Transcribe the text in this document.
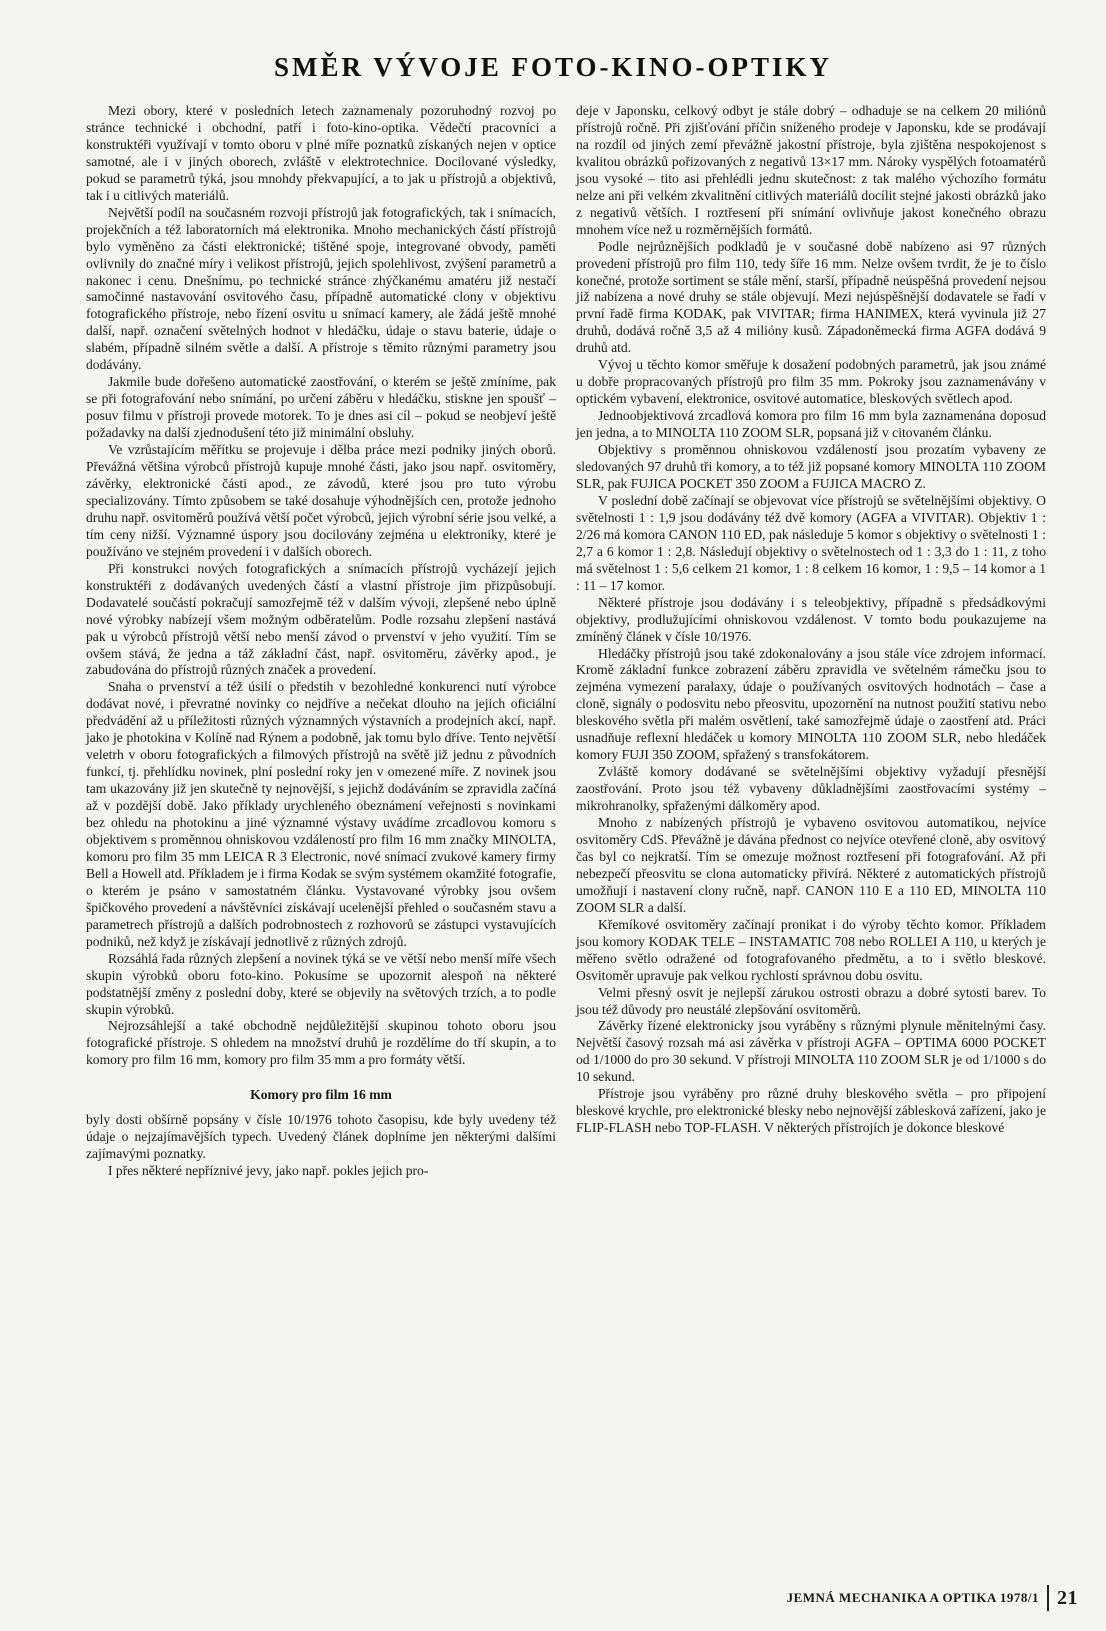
SMĚR VÝVOJE FOTO-KINO-OPTIKY

Mezi obory, které v posledních letech zaznamenaly pozoruhodný rozvoj po stránce technické i obchodní, patří i foto-kino-optika. Vědečtí pracovníci a konstruktéři využívají v tomto oboru v plné míře poznatků získaných nejen v optice samotné, ale i v jiných oborech, zvláště v elektrotechnice. Docilované výsledky, pokud se parametrů týká, jsou mnohdy překvapující, a to jak u přístrojů a objektivů, tak i u citlivých materiálů.

Největší podíl na současném rozvoji přístrojů jak fotografických, tak i snímacích, projekčních a též laboratorních má elektronika. Mnoho mechanických částí přístrojů bylo vyměněno za části elektronické; tištěné spoje, integrované obvody, paměti ovlivnily do značné míry i velikost přístrojů, jejich spolehlivost, zvýšení parametrů a nakonec i cenu. Dnešnímu, po technické stránce zhýčkanému amatéru již nestačí samočinné nastavování osvitového času, případně automatické clony v objektivu fotografického přístroje, nebo řízení osvitu u snímací kamery, ale žádá ještě mnohé další, např. označení světelných hodnot v hledáčku, údaje o stavu baterie, údaje o slabém, případně silném světle a další. A přístroje s těmito různými parametry jsou dodávány.

Jakmile bude dořešeno automatické zaostřování, o kterém se ještě zmíníme, pak se při fotografování nebo snímání, po určení záběru v hledáčku, stiskne jen spoušť – posuv filmu v přístroji provede motorek. To je dnes asi cíl – pokud se neobjeví ještě požadavky na další zjednodušení této již minimální obsluhy.

Ve vzrůstajícím měřítku se projevuje i dělba práce mezi podniky jiných oborů. Převážná většina výrobců přístrojů kupuje mnohé části, jako jsou např. osvitoměry, závěrky, elektronické části apod., ze závodů, které jsou pro tuto výrobu specializovány. Tímto způsobem se také dosahuje výhodnějších cen, protože jednoho druhu např. osvitoměrů používá větší počet výrobců, jejich výrobní série jsou velké, a tím ceny nižší. Významné úspory jsou docilovány zejména u elektroniky, které je používáno ve stejném provedení i v dalších oborech.

Při konstrukci nových fotografických a snímacích přístrojů vycházejí jejich konstruktéři z dodávaných uvedených částí a vlastní přístroje jim přizpůsobují. Dodavatelé součástí pokračují samozřejmě též v dalším vývoji, zlepšené nebo úplně nové výrobky nabízejí všem možným odběratelům. Podle rozsahu zlepšení nastává pak u výrobců přístrojů větší nebo menší závod o prvenství v jeho využití. Tím se ovšem stává, že jedna a táž základní část, např. osvitoměru, závěrky apod., je zabudována do přístrojů různých značek a provedení.

Snaha o prvenství a též úsilí o předstih v bezohledné konkurenci nutí výrobce dodávat nové, i převratné novinky co nejdříve a nečekat dlouho na jejich oficiální předvádění až u příležitosti různých významných výstavních a prodejních akcí, např. jako je photokina v Kolíně nad Rýnem a podobně, jak tomu bylo dříve. Tento největší veletrh v oboru fotografických a filmových přístrojů na světě již jednu z původních funkcí, tj. přehlídku novinek, plní poslední roky jen v omezené míře. Z novinek jsou tam ukazovány již jen skutečně ty nejnovější, s jejichž dodáváním se zpravidla začíná až v pozdější době. Jako příklady urychleného obeznámení veřejnosti s novinkami bez ohledu na photokinu a jiné významné výstavy uvádíme zrcadlovou komoru s objektivem s proměnnou ohniskovou vzdáleností pro film 16 mm značky MINOLTA, komoru pro film 35 mm LEICA R 3 Electronic, nové snímací zvukové kamery firmy Bell a Howell atd. Příkladem je i firma Kodak se svým systémem okamžité fotografie, o kterém je psáno v samostatném článku. Vystavované výrobky jsou ovšem špičkového provedení a návštěvníci získávají ucelenější přehled o současném stavu a parametrech přístrojů a dalších podrobnostech z rozhovorů se zástupci vystavujících podniků, než když je získávají jednotlivě z různých zdrojů.

Rozsáhlá řada různých zlepšení a novinek týká se ve větší nebo menší míře všech skupin výrobků oboru foto-kino. Pokusíme se upozornit alespoň na některé podstatnější změny z poslední doby, které se objevily na světových trzích, a to podle skupin výrobků.

Nejrozsáhlejší a také obchodně nejdůležitější skupinou tohoto oboru jsou fotografické přístroje. S ohledem na množství druhů je rozdělíme do tří skupin, a to komory pro film 16 mm, komory pro film 35 mm a pro formáty větší.

Komory pro film 16 mm

byly dosti obšírně popsány v čísle 10/1976 tohoto časopisu, kde byly uvedeny též údaje o nejzajímavějších typech. Uvedený článek doplníme jen některými dalšími zajímavými poznatky.

I přes některé nepříznivé jevy, jako např. pokles jejich pro-

deje v Japonsku, celkový odbyt je stále dobrý – odhaduje se na celkem 20 miliónů přístrojů ročně. Při zjišťování příčin sníženého prodeje v Japonsku, kde se prodávají na rozdíl od jiných zemí převážně jakostní přístroje, byla zjištěna nespokojenost s kvalitou obrázků pořizovaných z negativů 13×17 mm. Nároky vyspělých fotoamatérů jsou vysoké – tito asi přehlédli jednu skutečnost: z tak malého výchozího formátu nelze ani při velkém zkvalitnění citlivých materiálů docílit stejné jakosti obrázků jako z negativů větších. I roztřesení při snímání ovlivňuje jakost konečného obrazu mnohem více než u rozměrnějších formátů.

Podle nejrůznějších podkladů je v současné době nabízeno asi 97 různých provedení přístrojů pro film 110, tedy šíře 16 mm. Nelze ovšem tvrdit, že je to číslo konečné, protože sortiment se stále mění, starší, případně neúspěšná provedení nejsou již nabízena a nové druhy se stále objevují. Mezi nejúspěšnější dodavatele se řadí v první řadě firma KODAK, pak VIVITAR; firma HANIMEX, která vyvinula již 27 druhů, dodává ročně 3,5 až 4 milióny kusů. Západoněmecká firma AGFA dodává 9 druhů atd.

Vývoj u těchto komor směřuje k dosažení podobných parametrů, jak jsou známé u dobře propracovaných přístrojů pro film 35 mm. Pokroky jsou zaznamenávány v optickém vybavení, elektronice, osvitové automatice, bleskových světlech apod.

Jednoobjektivová zrcadlová komora pro film 16 mm byla zaznamenána doposud jen jedna, a to MINOLTA 110 ZOOM SLR, popsaná již v citovaném článku.

Objektivy s proměnnou ohniskovou vzdáleností jsou prozatím vybaveny ze sledovaných 97 druhů tři komory, a to též již popsané komory MINOLTA 110 ZOOM SLR, pak FUJICA POCKET 350 ZOOM a FUJICA MACRO Z.

V poslední době začínají se objevovat více přístrojů se světelnějšími objektivy. O světelnosti 1 : 1,9 jsou dodávány též dvě komory (AGFA a VIVITAR). Objektiv 1 : 2/26 má komora CANON 110 ED, pak následuje 5 komor s objektivy o světelnosti 1 : 2,7 a 6 komor 1 : 2,8. Následují objektivy o světelnostech od 1 : 3,3 do 1 : 11, z toho má světelnost 1 : 5,6 celkem 21 komor, 1 : 8 celkem 16 komor, 1 : 9,5 – 14 komor a 1 : 11 – 17 komor.

Některé přístroje jsou dodávány i s teleobjektivy, případně s předsádkovými objektivy, prodlužujícími ohniskovou vzdálenost. V tomto bodu poukazujeme na zmíněný článek v čísle 10/1976.

Hledáčky přístrojů jsou také zdokonalovány a jsou stále více zdrojem informací. Kromě základní funkce zobrazení záběru zpravidla ve světelném rámečku jsou to zejména vymezení paralaxy, údaje o používaných osvitových hodnotách – čase a cloně, signály o podosvitu nebo přeosvitu, upozornění na nutnost použití stativu nebo bleskového světla při malém osvětlení, také samozřejmě údaje o zaostření atd. Práci usnadňuje reflexní hledáček u komory MINOLTA 110 ZOOM SLR, nebo hledáček komory FUJI 350 ZOOM, spřažený s transfokátorem.

Zvláště komory dodávané se světelnějšími objektivy vyžadují přesnější zaostřování. Proto jsou též vybaveny důkladnějšími zaostřovacími systémy – mikrohranolky, spřaženými dálkoměry apod.

Mnoho z nabízených přístrojů je vybaveno osvitovou automatikou, nejvíce osvitoměry CdS. Převážně je dávána přednost co nejvíce otevřené cloně, aby osvitový čas byl co nejkratší. Tím se omezuje možnost roztřesení při fotografování. Až při nebezpečí přeosvitu se clona automaticky přivírá. Některé z automatických přístrojů umožňují i nastavení clony ručně, např. CANON 110 E a 110 ED, MINOLTA 110 ZOOM SLR a další.

Křemíkové osvitoměry začínají pronikat i do výroby těchto komor. Příkladem jsou komory KODAK TELE – INSTAMATIC 708 nebo ROLLEI A 110, u kterých je měřeno světlo odražené od fotografovaného předmětu, a to i světlo bleskové. Osvitoměr upravuje pak velkou rychlostí správnou dobu osvitu.

Velmi přesný osvit je nejlepší zárukou ostrosti obrazu a dobré sytosti barev. To jsou též důvody pro neustálé zlepšování osvitoměrů.

Závěrky řízené elektronicky jsou vyráběny s různými plynule měnitelnými časy. Největší časový rozsah má asi závěrka v přístroji AGFA – OPTIMA 6000 POCKET od 1/1000 do pro 30 sekund. V přístroji MINOLTA 110 ZOOM SLR je od 1/1000 s do 10 sekund.

Přístroje jsou vyráběny pro různé druhy bleskového světla – pro připojení bleskové krychle, pro elektronické blesky nebo nejnovější záblesková zařízení, jako je FLIP-FLASH nebo TOP-FLASH. V některých přístrojích je dokonce bleskové

JEMNÁ MECHANIKA A OPTIKA 1978/1 21
